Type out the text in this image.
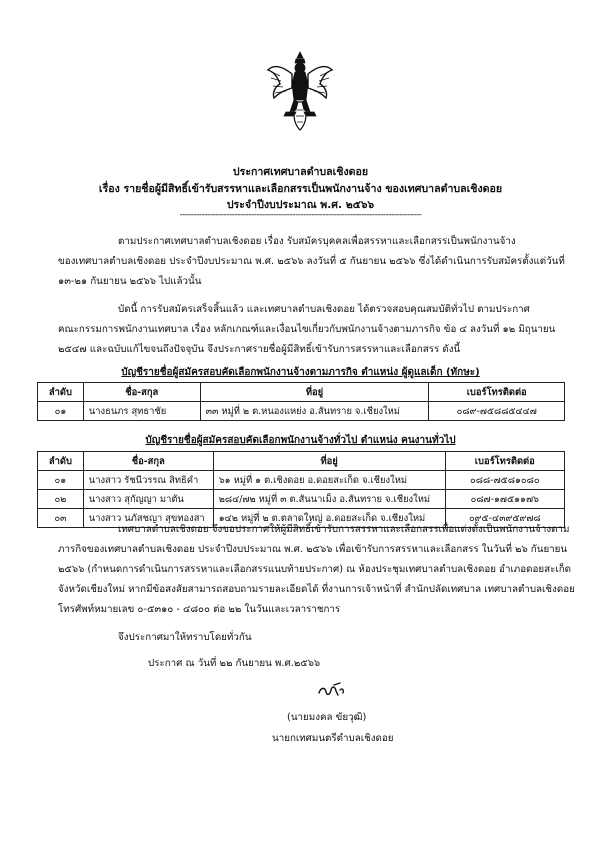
ประกาศเทศบาลตำบลเชิงดอย
เรื่อง รายชื่อผู้มีสิทธิ์เข้ารับสรรหาและเลือกสรรเป็นพนักงานจ้าง ของเทศบาลตำบลเชิงดอย
ประจำปีงบประมาณ พ.ศ. ๒๕๖๖
----------------------------------------------------------------------------------------
ตามประกาศเทศบาลตำบลเชิงดอย เรื่อง รับสมัครบุคคลเพื่อสรรหาและเลือกสรรเป็นพนักงานจ้าง
ของเทศบาลตำบลเชิงดอย ประจำปีงบประมาณ พ.ศ. ๒๕๖๖ ลงวันที่ ๕ กันยายน ๒๕๖๖ ซึ่งได้ดำเนินการรับสมัครตั้งแต่วันที่
๑๓-๒๑ กันยายน ๒๕๖๖ ไปแล้วนั้น
บัดนี้ การรับสมัครเสร็จสิ้นแล้ว และเทศบาลตำบลเชิงดอย ได้ตรวจสอบคุณสมบัติทั่วไป ตามประกาศ
คณะกรรมการพนักงานเทศบาล เรื่อง หลักเกณฑ์และเงื่อนไขเกี่ยวกับพนักงานจ้างตามภารกิจ ข้อ ๔ ลงวันที่ ๑๒ มิถุนายน
๒๕๔๗ และฉบับแก้ไขจนถึงปัจจุบัน จึงประกาศรายชื่อผู้มีสิทธิ์เข้ารับการสรรหาและเลือกสรร ดังนี้
บัญชีรายชื่อผู้สมัครสอบคัดเลือกพนักงานจ้างตามภารกิจ ตำแหน่ง ผู้ดูแลเด็ก (ทักษะ)
ลำดับ	ชื่อ-สกุล	ที่อยู่	เบอร์โทรติดต่อ
๐๑	นางธนภร สุทธาชัย	๓๓ หมู่ที่ ๒ ต.หนองแหย่ง อ.สันทราย จ.เชียงใหม่	๐๘๙-๗๕๘๘๕๔๔๗
บัญชีรายชื่อผู้สมัครสอบคัดเลือกพนักงานจ้างทั่วไป ตำแหน่ง คนงานทั่วไป
ลำดับ	ชื่อ-สกุล	ที่อยู่	เบอร์โทรติดต่อ
๐๑	นางสาว รัชนีวรรณ สิทธิคำ	๖๑ หมู่ที่ ๑ ต.เชิงดอย อ.ดอยสะเก็ด จ.เชียงใหม่	๐๘๘-๗๕๘๑๐๘๐
๐๒	นางสาว สุกัญญา มาตัน	๒๘๔/๗๒ หมู่ที่ ๓ ต.สันนาเม็ง อ.สันทราย จ.เชียงใหม่	๐๘๗-๑๗๕๑๑๗๖
๐๓	นางสาว นภัสชญา สุขทองสา	๑๔๒ หมู่ที่ ๒ ต.ตลาดใหญ่ อ.ดอยสะเก็ด จ.เชียงใหม่	๐๙๕-๔๓๙๕๙๗๘
เทศบาลตำบลเชิงดอย จึงขอประกาศให้ผู้มีสิทธิ์เข้ารับการสรรหาและเลือกสรรเพื่อแต่งตั้งเป็นพนักงานจ้างตาม
ภารกิจของเทศบาลตำบลเชิงดอย ประจำปีงบประมาณ พ.ศ. ๒๕๖๖ เพื่อเข้ารับการสรรหาและเลือกสรร ในวันที่ ๒๖ กันยายน
๒๕๖๖ (กำหนดการดำเนินการสรรหาและเลือกสรรแนบท้ายประกาศ) ณ ห้องประชุมเทศบาลตำบลเชิงดอย อำเภอดอยสะเก็ด
จังหวัดเชียงใหม่ หากมีข้อสงสัยสามารถสอบถามรายละเอียดได้ ที่งานการเจ้าหน้าที่ สำนักปลัดเทศบาล เทศบาลตำบลเชิงดอย
โทรศัพท์หมายเลข ๐-๕๓๑๐ - ๔๘๐๐ ต่อ ๒๒ ในวันและเวลาราชการ
จึงประกาศมาให้ทราบโดยทั่วกัน
ประกาศ ณ วันที่ ๒๒ กันยายน พ.ศ.๒๕๖๖
(นายมงคล ขัยวุฒิ)
นายกเทศมนตรีตำบลเชิงดอย
